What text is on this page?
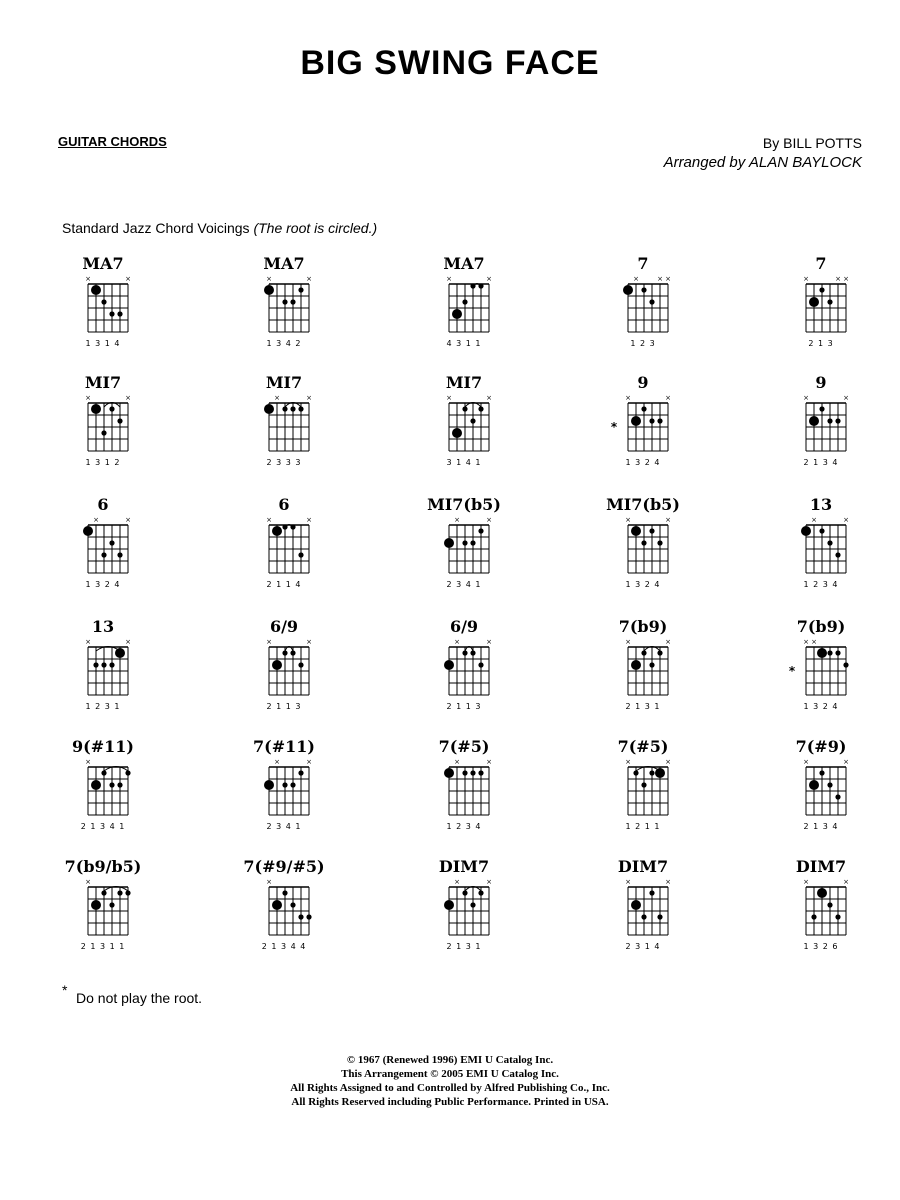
BIG SWING FACE
GUITAR CHORDS	By BILL POTTS
Arranged by ALAN BAYLOCK
Standard Jazz Chord Voicings (The root is circled.)
MA7
×	×
1 3 1 4
MA7
×	×
1 3 4 2
MA7
×	×
4 3 1 1
7
×	× ×
1 2 3
7
×	× ×
2 1 3
MI7
×	×
1 3 1 2
MI7
×	×
2 3 3 3
MI7
×	×
3 1 4 1
9
×	×
*
1 3 2 4
9
×	×
2 1 3 4
6
×	×
1 3 2 4
6
×	×
2 1 1 4
MI7(b5)
×	×
2 3 4 1
MI7(b5)
×	×
1 3 2 4
13
×	×
1 2 3 4
13
×	×
1 2 3 1
6/9
×	×
2 1 1 3
6/9
×	×
2 1 1 3
7(b9)
×	×
2 1 3 1
7(b9)
× ×
*
1 3 2 4
9(#11)
×
2 1 3 4 1
7(#11)
×	×
2 3 4 1
7(#5)
×	×
1 2 3 4
7(#5)
×	×
1 2 1 1
7(#9)
×	×
2 1 3 4
7(b9/b5)
×
2 1 3 1 1
7(#9/#5)
×
2 1 3 4 4
DIM7
×	×
2 1 3 1
DIM7
×	×
2 3 1 4
DIM7
×	×
1 3 2 6
* Do not play the root.
© 1967 (Renewed 1996) EMI U Catalog Inc.
This Arrangement © 2005 EMI U Catalog Inc.
All Rights Assigned to and Controlled by Alfred Publishing Co., Inc.
All Rights Reserved including Public Performance. Printed in USA.
